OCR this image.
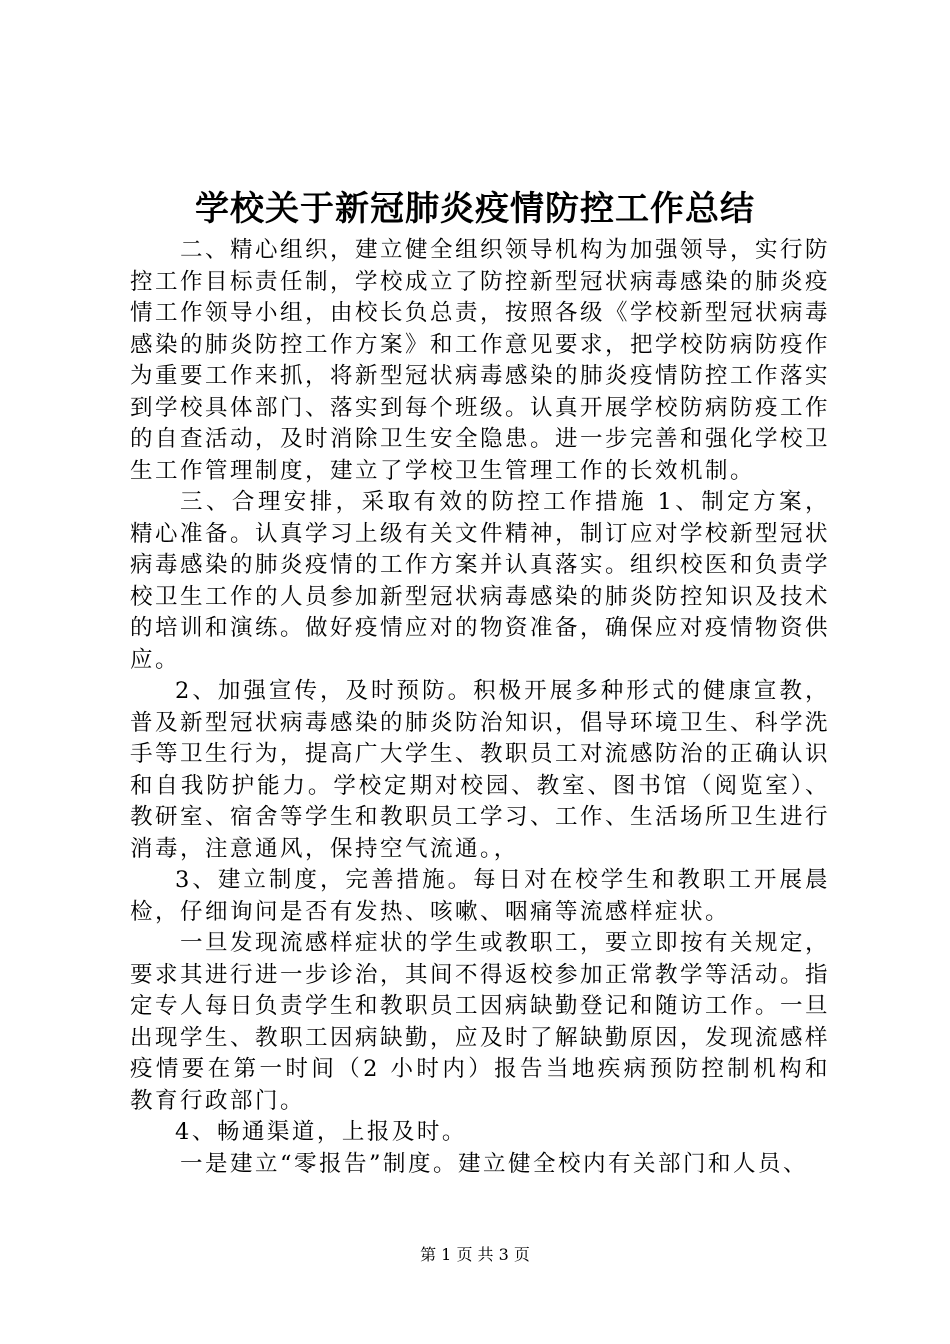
学校关于新冠肺炎疫情防控工作总结

二、精心组织，建立健全组织领导机构为加强领导，实行防控工作目标责任制，学校成立了防控新型冠状病毒感染的肺炎疫情工作领导小组，由校长负总责，按照各级《学校新型冠状病毒感染的肺炎防控工作方案》和工作意见要求，把学校防病防疫作为重要工作来抓，将新型冠状病毒感染的肺炎疫情防控工作落实到学校具体部门、落实到每个班级。认真开展学校防病防疫工作的自查活动，及时消除卫生安全隐患。进一步完善和强化学校卫生工作管理制度，建立了学校卫生管理工作的长效机制。

三、合理安排，采取有效的防控工作措施 1、制定方案，精心准备。认真学习上级有关文件精神，制订应对学校新型冠状病毒感染的肺炎疫情的工作方案并认真落实。组织校医和负责学校卫生工作的人员参加新型冠状病毒感染的肺炎防控知识及技术的培训和演练。做好疫情应对的物资准备，确保应对疫情物资供应。

2、加强宣传，及时预防。积极开展多种形式的健康宣教，普及新型冠状病毒感染的肺炎防治知识，倡导环境卫生、科学洗手等卫生行为，提高广大学生、教职员工对流感防治的正确认识和自我防护能力。学校定期对校园、教室、图书馆（阅览室）、教研室、宿舍等学生和教职员工学习、工作、生活场所卫生进行消毒，注意通风，保持空气流通。，

3、建立制度，完善措施。每日对在校学生和教职工开展晨检，仔细询问是否有发热、咳嗽、咽痛等流感样症状。

一旦发现流感样症状的学生或教职工，要立即按有关规定，要求其进行进一步诊治，其间不得返校参加正常教学等活动。指定专人每日负责学生和教职员工因病缺勤登记和随访工作。一旦出现学生、教职工因病缺勤，应及时了解缺勤原因，发现流感样疫情要在第一时间（2 小时内）报告当地疾病预防控制机构和教育行政部门。

4、畅通渠道，上报及时。

一是建立“零报告”制度。建立健全校内有关部门和人员、

第 1 页 共 3 页
